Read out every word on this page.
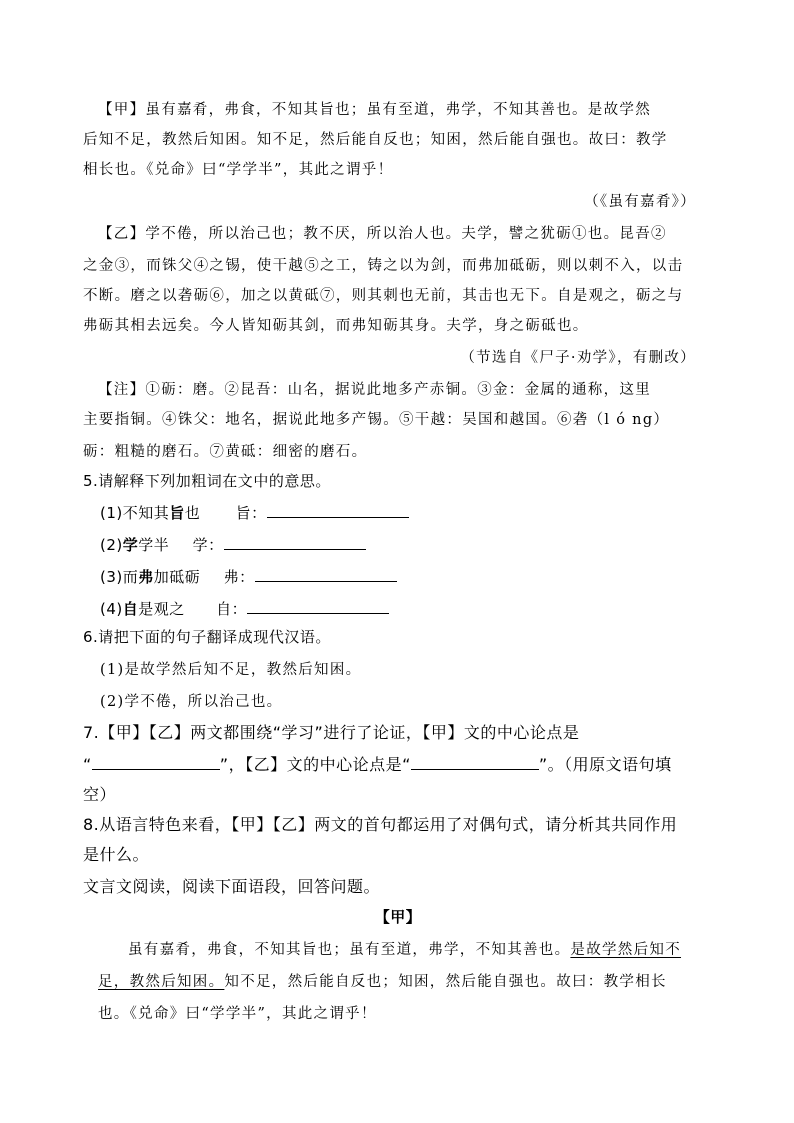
【甲】虽有嘉肴，弗食，不知其旨也；虽有至道，弗学，不知其善也。是故学然
后知不足，教然后知困。知不足，然后能自反也；知困，然后能自强也。故曰：教学
相长也。《兑命》曰“学学半”，其此之谓乎！
（《虽有嘉肴》）
【乙】学不倦，所以治己也；教不厌，所以治人也。夫学，譬之犹砺①也。昆吾②
之金③，而铢父④之锡，使干越⑤之工，铸之以为剑，而弗加砥砺，则以刺不入，以击
不断。磨之以砻砺⑥，加之以黄砥⑦，则其刺也无前，其击也无下。自是观之，砺之与
弗砺其相去远矣。今人皆知砺其剑，而弗知砺其身。夫学，身之砺砥也。
（节选自《尸子·劝学》，有删改）
【注】①砺：磨。②昆吾：山名，据说此地多产赤铜。③金：金属的通称，这里
主要指铜。④铢父：地名，据说此地多产锡。⑤干越：吴国和越国。⑥砻（l ó ng）
砺：粗糙的磨石。⑦黄砥：细密的磨石。
5.请解释下列加粗词在文中的意思。
(1)不知其旨也 旨：
(2)学学半 学：
(3)而弗加砥砺 弗：
(4)自是观之 自：
6.请把下面的句子翻译成现代汉语。
(1)是故学然后知不足，教然后知困。
(2)学不倦，所以治己也。
7.【甲】【乙】两文都围绕“学习”进行了论证，【甲】文的中心论点是
“	”，【乙】文的中心论点是“	”。（用原文语句填
空）
8.从语言特色来看，【甲】【乙】两文的首句都运用了对偶句式，请分析其共同作用
是什么。
文言文阅读，阅读下面语段，回答问题。
【甲】
虽有嘉肴，弗食，不知其旨也；虽有至道，弗学，不知其善也。是故学然后知不
足，教然后知困。知不足，然后能自反也；知困，然后能自强也。故曰：教学相长
也。《兑命》曰“学学半”，其此之谓乎！
